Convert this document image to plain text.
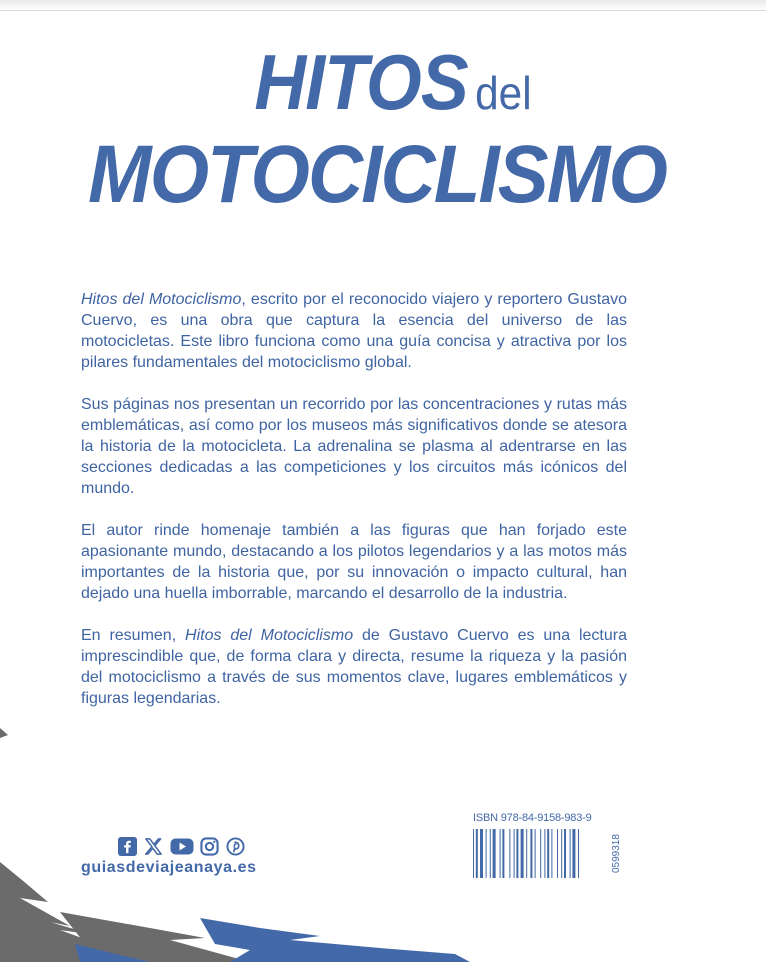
HITOS del
MOTOCICLISMO

Hitos del Motociclismo, escrito por el reconocido viajero y reportero Gustavo Cuervo, es una obra que captura la esencia del universo de las motocicletas. Este libro funciona como una guía concisa y atractiva por los pilares fundamentales del motociclismo global.

Sus páginas nos presentan un recorrido por las concentraciones y rutas más emblemáticas, así como por los museos más significativos donde se atesora la historia de la motocicleta. La adrenalina se plasma al adentrarse en las secciones dedicadas a las competiciones y los circuitos más icónicos del mundo.

El autor rinde homenaje también a las figuras que han forjado este apasionante mundo, destacando a los pilotos legendarios y a las motos más importantes de la historia que, por su innovación o impacto cultural, han dejado una huella imborrable, marcando el desarrollo de la industria.

En resumen, Hitos del Motociclismo de Gustavo Cuervo es una lectura imprescindible que, de forma clara y directa, resume la riqueza y la pasión del motociclismo a través de sus momentos clave, lugares emblemáticos y figuras legendarias.

guiasdeviajeanaya.es
ISBN 978-84-9158-983-9
0599318
